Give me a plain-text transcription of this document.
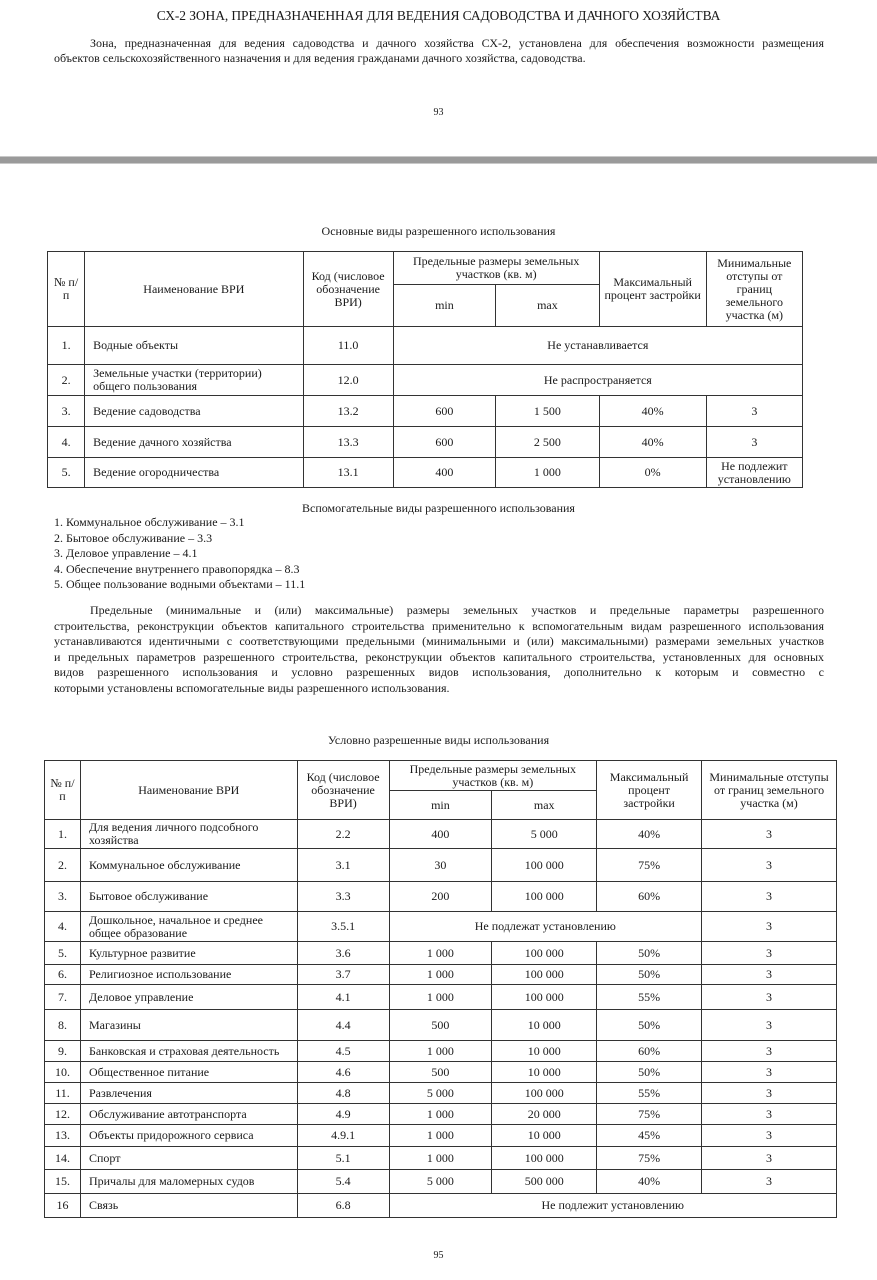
СХ-2 ЗОНА, ПРЕДНАЗНАЧЕННАЯ ДЛЯ ВЕДЕНИЯ САДОВОДСТВА И ДАЧНОГО ХОЗЯЙСТВА
Зона, предназначенная для ведения садоводства и дачного хозяйства СХ-2, установлена для обеспечения возможности размещения
объектов сельскохозяйственного назначения и для ведения гражданами дачного хозяйства, садоводства.
93
Основные виды разрешенного использования
№ п/п	Наименование ВРИ	Код (числовое обозначение ВРИ)	Предельные размеры земельных участков (кв. м)		Максимальный процент застройки	Минимальные отступы от границ земельного участка (м)
			min	max		
1.	Водные объекты	11.0	Не устанавливается			
2.	Земельные участки (территории) общего пользования	12.0	Не распространяется			
3.	Ведение садоводства	13.2	600	1 500	40%	3
4.	Ведение дачного хозяйства	13.3	600	2 500	40%	3
5.	Ведение огородничества	13.1	400	1 000	0%	Не подлежит установлению
Вспомогательные виды разрешенного использования
1. Коммунальное обслуживание – 3.1
2. Бытовое обслуживание – 3.3
3. Деловое управление – 4.1
4. Обеспечение внутреннего правопорядка – 8.3
5. Общее пользование водными объектами – 11.1
Предельные (минимальные и (или) максимальные) размеры земельных участков и предельные параметры разрешенного
строительства, реконструкции объектов капитального строительства применительно к вспомогательным видам разрешенного использования
устанавливаются идентичными с соответствующими предельными (минимальными и (или) максимальными) размерами земельных участков
и предельных параметров разрешенного строительства, реконструкции объектов капитального строительства, установленных для основных
видов разрешенного использования и условно разрешенных видов использования, дополнительно к которым и совместно с
которыми установлены вспомогательные виды разрешенного использования.
Условно разрешенные виды использования
№ п/п	Наименование ВРИ	Код (числовое обозначение ВРИ)	Предельные размеры земельных участков (кв. м)		Максимальный процент застройки	Минимальные отступы от границ земельного участка (м)
			min	max		
1.	Для ведения личного подсобного хозяйства	2.2	400	5 000	40%	3
2.	Коммунальное обслуживание	3.1	30	100 000	75%	3
3.	Бытовое обслуживание	3.3	200	100 000	60%	3
4.	Дошкольное, начальное и среднее общее образование	3.5.1	Не подлежат установлению			3
5.	Культурное развитие	3.6	1 000	100 000	50%	3
6.	Религиозное использование	3.7	1 000	100 000	50%	3
7.	Деловое управление	4.1	1 000	100 000	55%	3
8.	Магазины	4.4	500	10 000	50%	3
9.	Банковская и страховая деятельность	4.5	1 000	10 000	60%	3
10.	Общественное питание	4.6	500	10 000	50%	3
11.	Развлечения	4.8	5 000	100 000	55%	3
12.	Обслуживание автотранспорта	4.9	1 000	20 000	75%	3
13.	Объекты придорожного сервиса	4.9.1	1 000	10 000	45%	3
14.	Спорт	5.1	1 000	100 000	75%	3
15.	Причалы для маломерных судов	5.4	5 000	500 000	40%	3
16	Связь	6.8	Не подлежит установлению			
95
